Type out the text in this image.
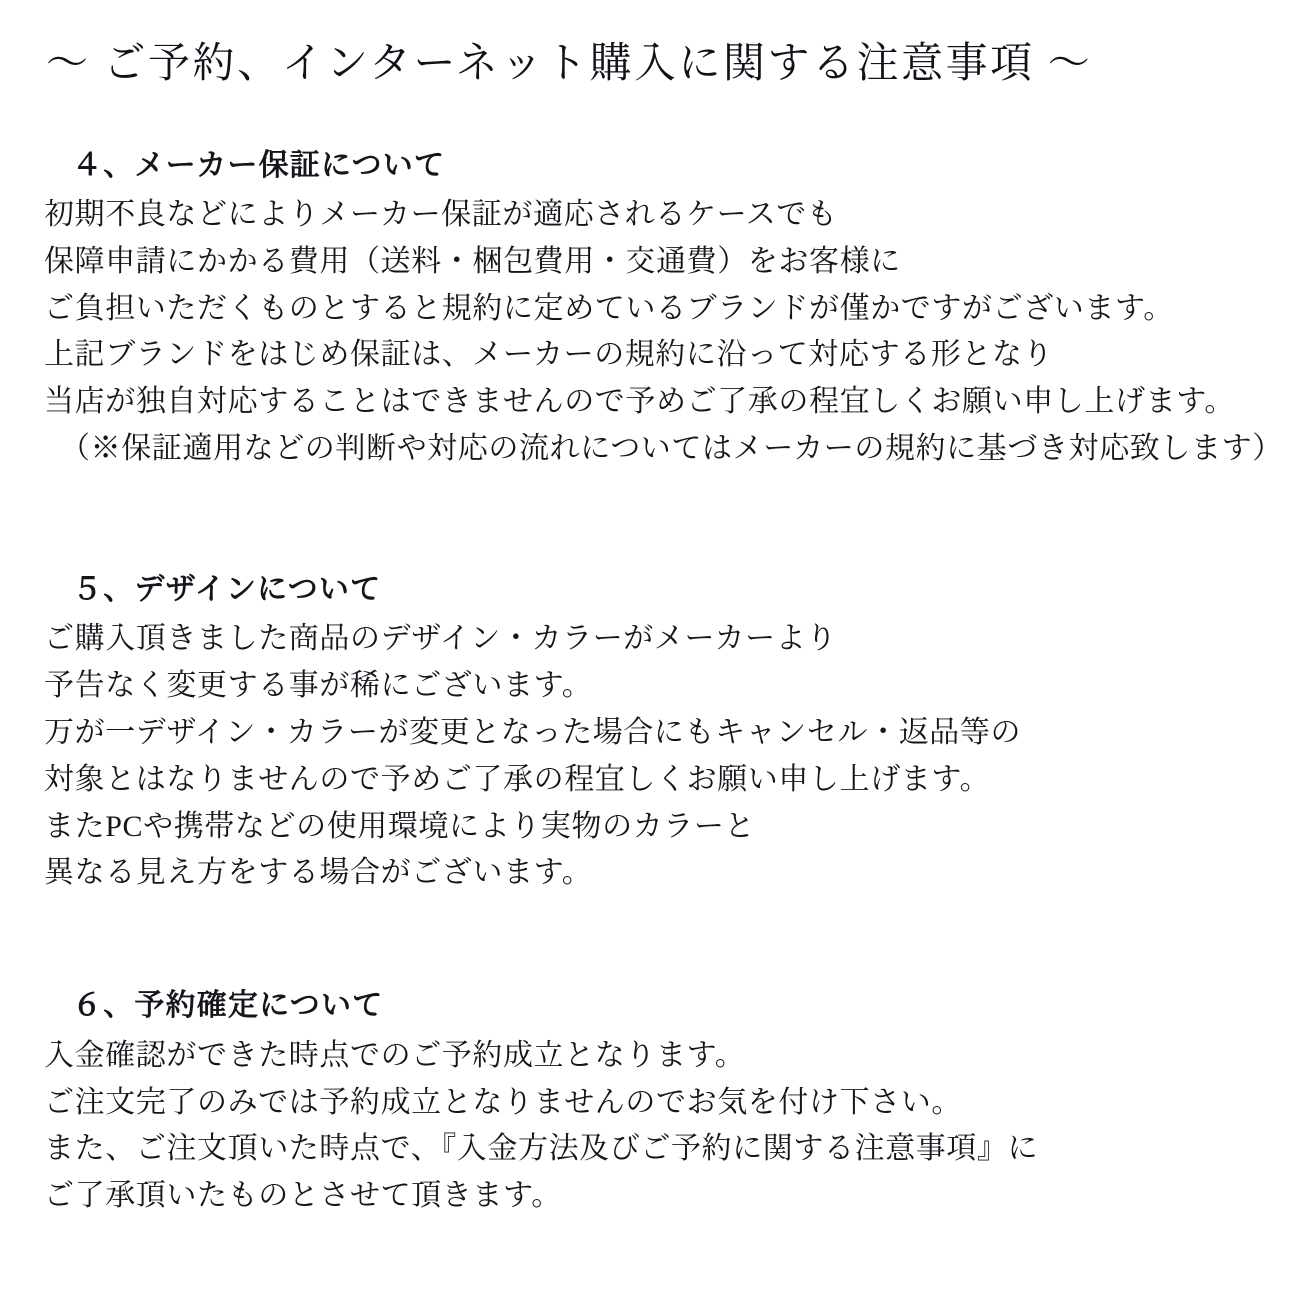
〜 ご予約、インターネット購入に関する注意事項 〜
４、メーカー保証について
初期不良などによりメーカー保証が適応されるケースでも
保障申請にかかる費用（送料・梱包費用・交通費）をお客様に
ご負担いただくものとすると規約に定めているブランドが僅かですがございます。
上記ブランドをはじめ保証は、メーカーの規約に沿って対応する形となり
当店が独自対応することはできませんので予めご了承の程宜しくお願い申し上げます。
（※保証適用などの判断や対応の流れについてはメーカーの規約に基づき対応致します）
５、デザインについて
ご購入頂きました商品のデザイン・カラーがメーカーより
予告なく変更する事が稀にございます。
万が一デザイン・カラーが変更となった場合にもキャンセル・返品等の
対象とはなりませんので予めご了承の程宜しくお願い申し上げます。
またPCや携帯などの使用環境により実物のカラーと
異なる見え方をする場合がございます。
６、予約確定について
入金確認ができた時点でのご予約成立となります。
ご注文完了のみでは予約成立となりませんのでお気を付け下さい。
また、ご注文頂いた時点で、『入金方法及びご予約に関する注意事項』に
ご了承頂いたものとさせて頂きます。
